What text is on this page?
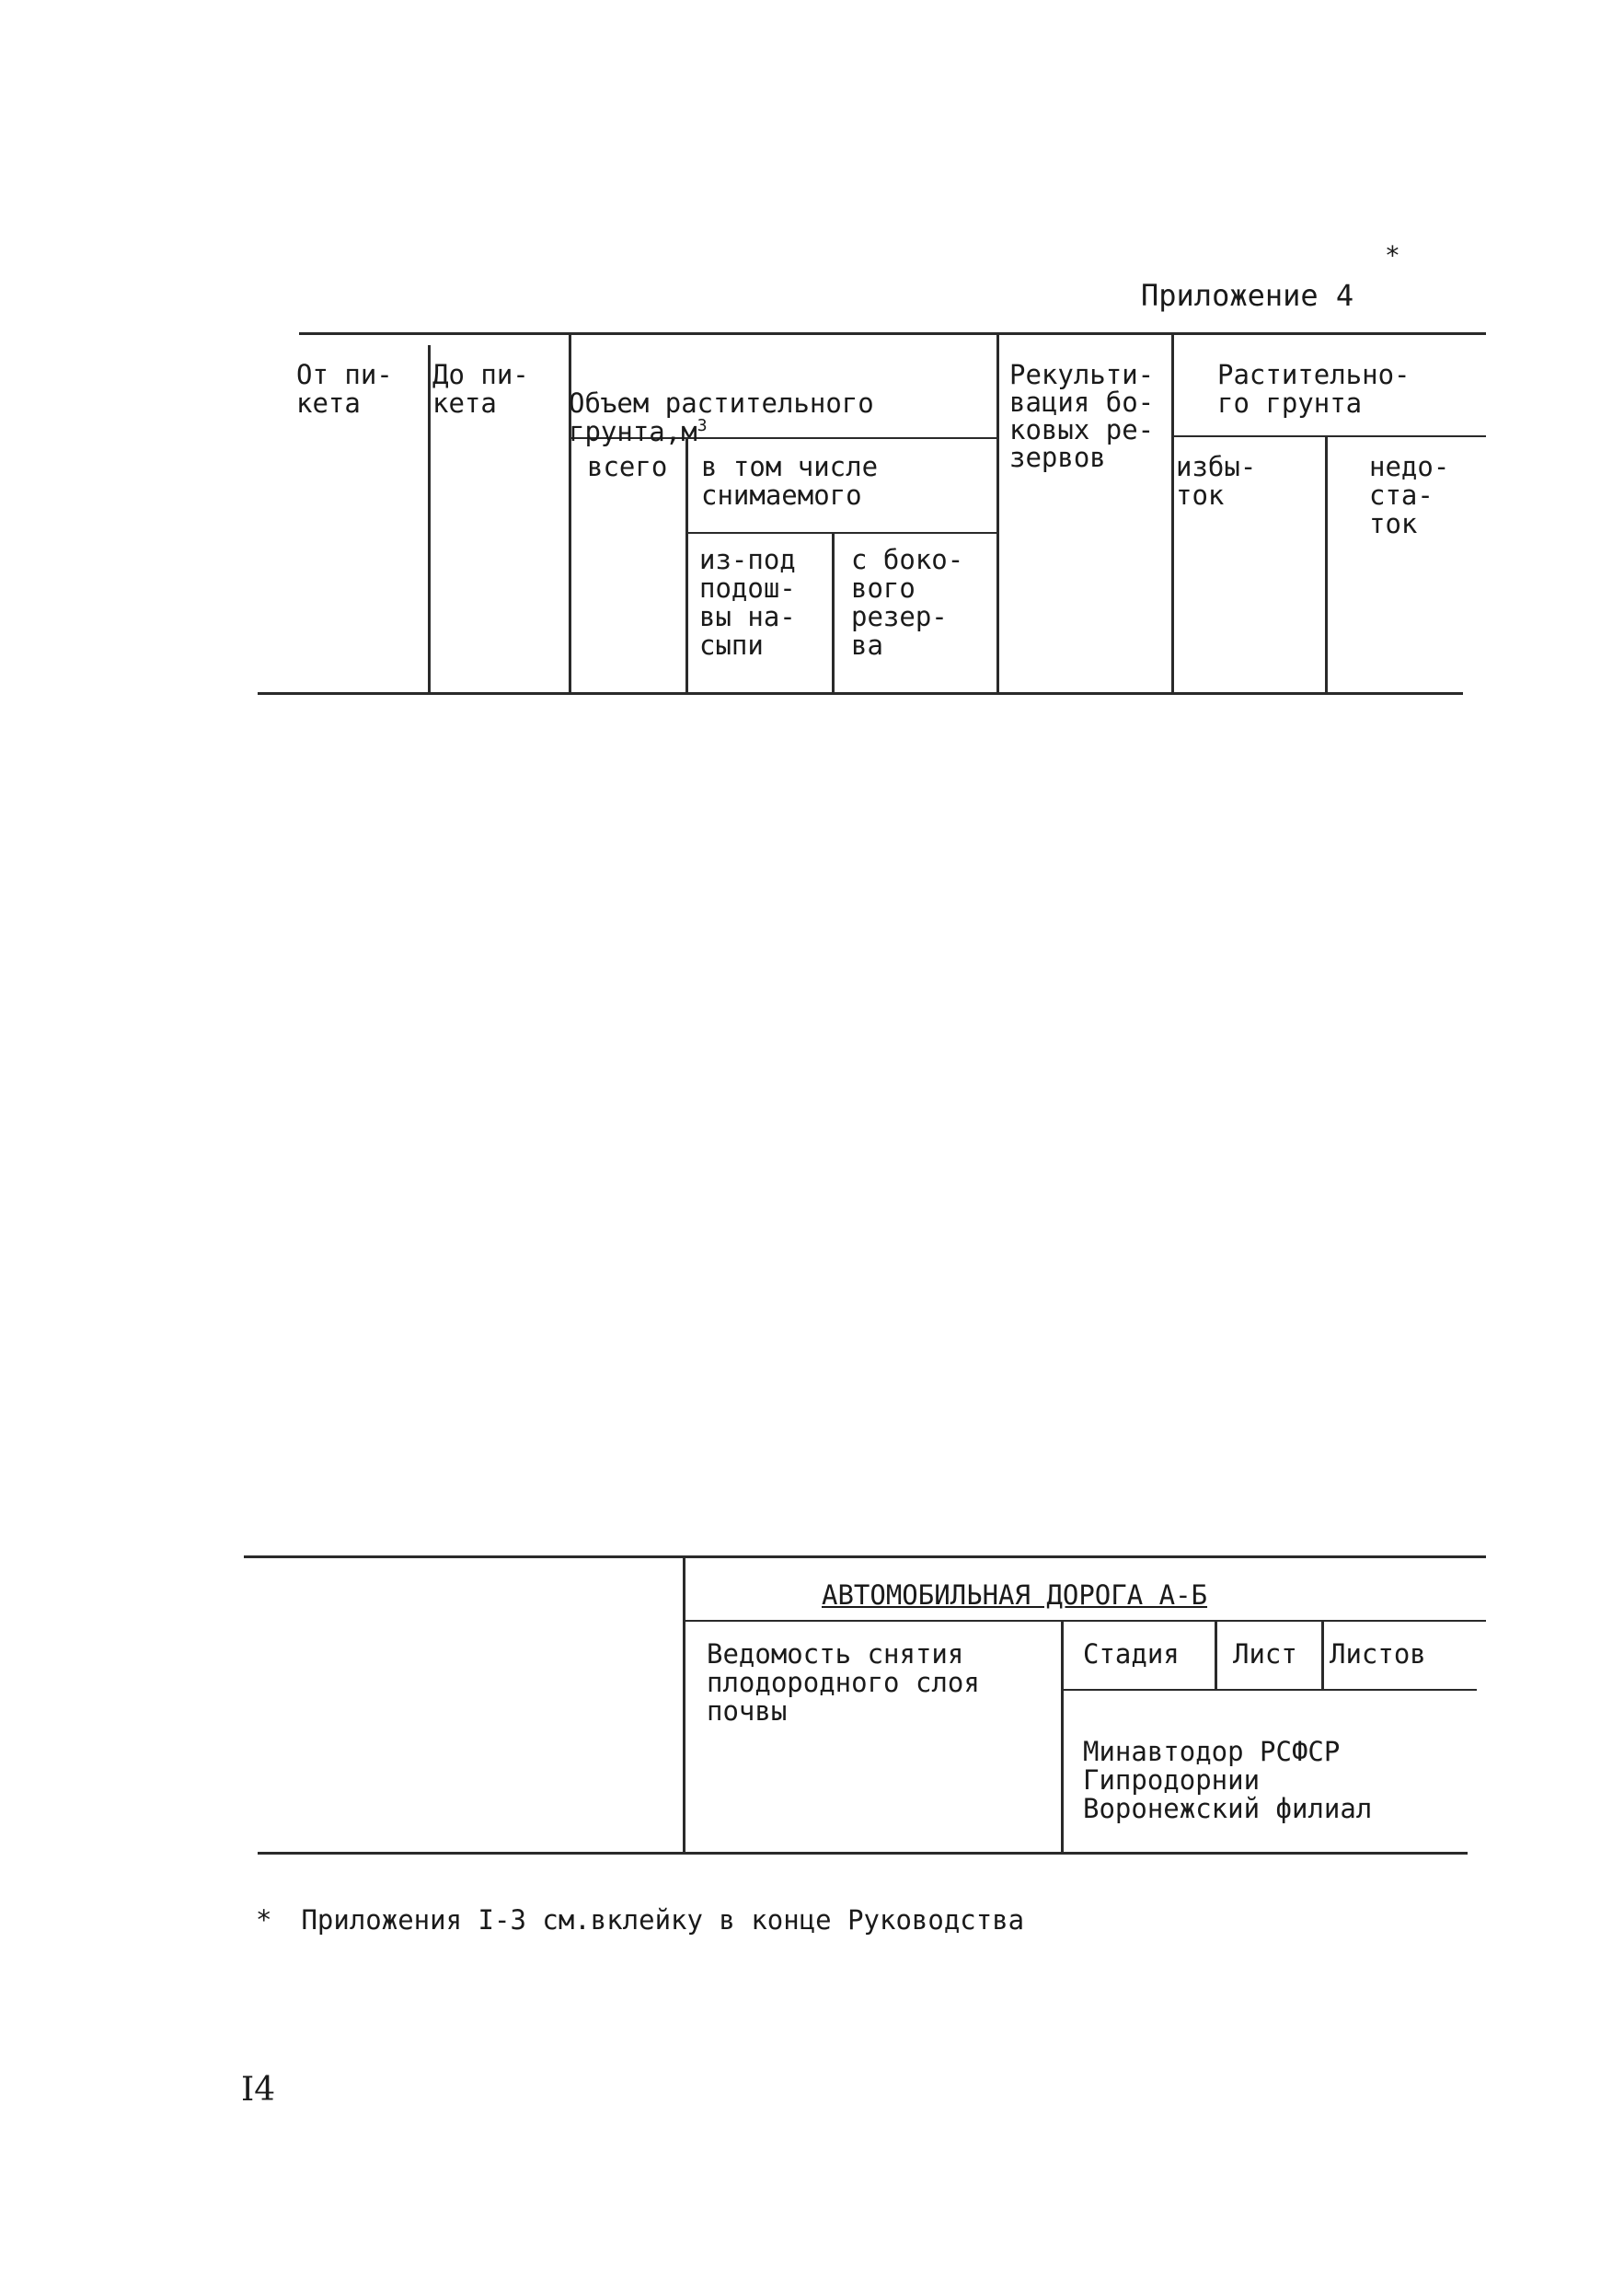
Приложение 4

*
От пи-
кета
До пи-
кета	Объем растительного
$грунта,м^3$

всего в том числе
снимаемого
из-под
подош-
вы на-
сыпи
с боко-
вого
резер-
ва
Рекульти-
вация бо-
ковых ре-
зервов
Растительно-
го грунта
избы-
ток
недо-
ста-
ток
АВТОМОБИЛЬНАЯ ДОРОГА А-Б
Ведомость снятия
плодородного слоя
почвы
Стадия Лист Листов
Минавтодор РСФСР
Гипродорнии
Воронежский филиал

* Приложения I-3 см.вклейку в конце Руководства

I4
